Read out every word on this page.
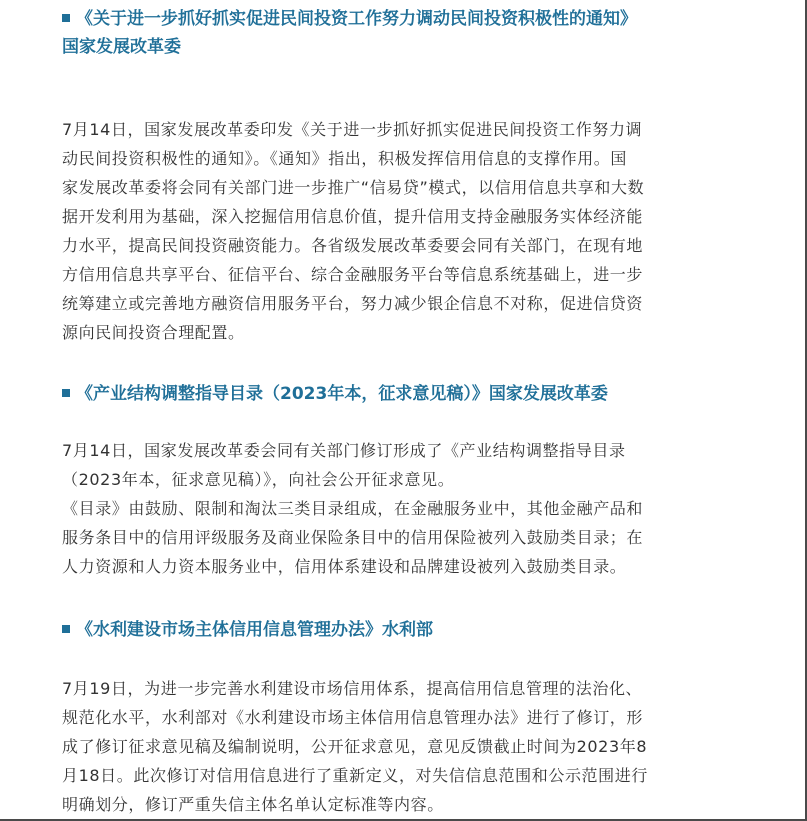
《关于进一步抓好抓实促进民间投资工作努力调动民间投资积极性的通知》
国家发展改革委
7月14日，国家发展改革委印发《关于进一步抓好抓实促进民间投资工作努力调
动民间投资积极性的通知》。《通知》指出，积极发挥信用信息的支撑作用。国
家发展改革委将会同有关部门进一步推广“信易贷”模式，以信用信息共享和大数
据开发利用为基础，深入挖掘信用信息价值，提升信用支持金融服务实体经济能
力水平，提高民间投资融资能力。各省级发展改革委要会同有关部门，在现有地
方信用信息共享平台、征信平台、综合金融服务平台等信息系统基础上，进一步
统筹建立或完善地方融资信用服务平台，努力减少银企信息不对称，促进信贷资
源向民间投资合理配置。
《产业结构调整指导目录（2023年本，征求意见稿）》国家发展改革委
7月14日，国家发展改革委会同有关部门修订形成了《产业结构调整指导目录
（2023年本，征求意见稿）》，向社会公开征求意见。
《目录》由鼓励、限制和淘汰三类目录组成，在金融服务业中，其他金融产品和
服务条目中的信用评级服务及商业保险条目中的信用保险被列入鼓励类目录；在
人力资源和人力资本服务业中，信用体系建设和品牌建设被列入鼓励类目录。
《水利建设市场主体信用信息管理办法》水利部
7月19日，为进一步完善水利建设市场信用体系，提高信用信息管理的法治化、
规范化水平，水利部对《水利建设市场主体信用信息管理办法》进行了修订，形
成了修订征求意见稿及编制说明，公开征求意见，意见反馈截止时间为2023年8
月18日。此次修订对信用信息进行了重新定义，对失信信息范围和公示范围进行
明确划分，修订严重失信主体名单认定标准等内容。
